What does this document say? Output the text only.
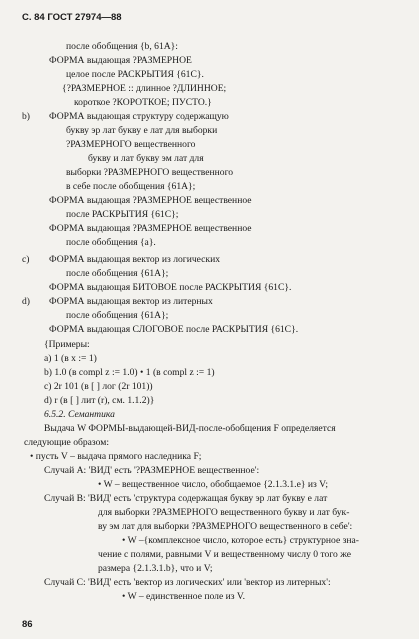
С. 84 ГОСТ 27974—88
после обобщения {b, 61A}:
ФОРМА выдающая ?РАЗМЕРНОЕ
целое после РАСКРЫТИЯ {61C}.
{?РАЗМЕРНОЕ :: длинное ?ДЛИННОЕ;
короткое ?КОРОТКОЕ; ПУСТО.}
b) ФОРМА выдающая структуру содержащую
букву эр лат букву е лат для выборки
?РАЗМЕРНОГО вещественного
букву и лат букву эм лат для
выборки ?РАЗМЕРНОГО вещественного
в себе после обобщения {61A};
ФОРМА выдающая ?РАЗМЕРНОЕ вещественное
после РАСКРЫТИЯ {61C};
ФОРМА выдающая ?РАЗМЕРНОЕ вещественное
после обобщения {a}.
c) ФОРМА выдающая вектор из логических
после обобщения {61A};
ФОРМА выдающая БИТОВОЕ после РАСКРЫТИЯ {61C}.
d) ФОРМА выдающая вектор из литерных
после обобщения {61A};
ФОРМА выдающая СЛОГОВОЕ после РАСКРЫТИЯ {61C}.
{Примеры:
a) 1 (в x := 1)
b) 1.0 (в compl z := 1.0) • 1 (в compl z := 1)
c) 2r 101 (в [ ] лог (2r 101))
d) r (в [ ] лит (r), см. 1.1.2)}
6.5.2. Семантика
Выдача W ФОРМЫ-выдающей-ВИД-после-обобщения F определяется
следующие образом:
• пусть V – выдача прямого наследника F;
Случай A: 'ВИД' есть '?РАЗМЕРНОЕ вещественное':
• W – вещественное число, обобщаемое {2.1.3.1.e} из V;
Случай B: 'ВИД' есть 'структура содержащая букву эр лат букву е лат
для выборки ?РАЗМЕРНОГО вещественного букву и лат бук-
ву эм лат для выборки ?РАЗМЕРНОГО вещественного в себе':
• W –{комплексное число, которое есть} структурное зна-
чение с полями, равными V и вещественному числу 0 того же
размера {2.1.3.1.b}, что и V;
Случай C: 'ВИД' есть 'вектор из логических' или 'вектор из литерных':
• W – единственное поле из V.
86
